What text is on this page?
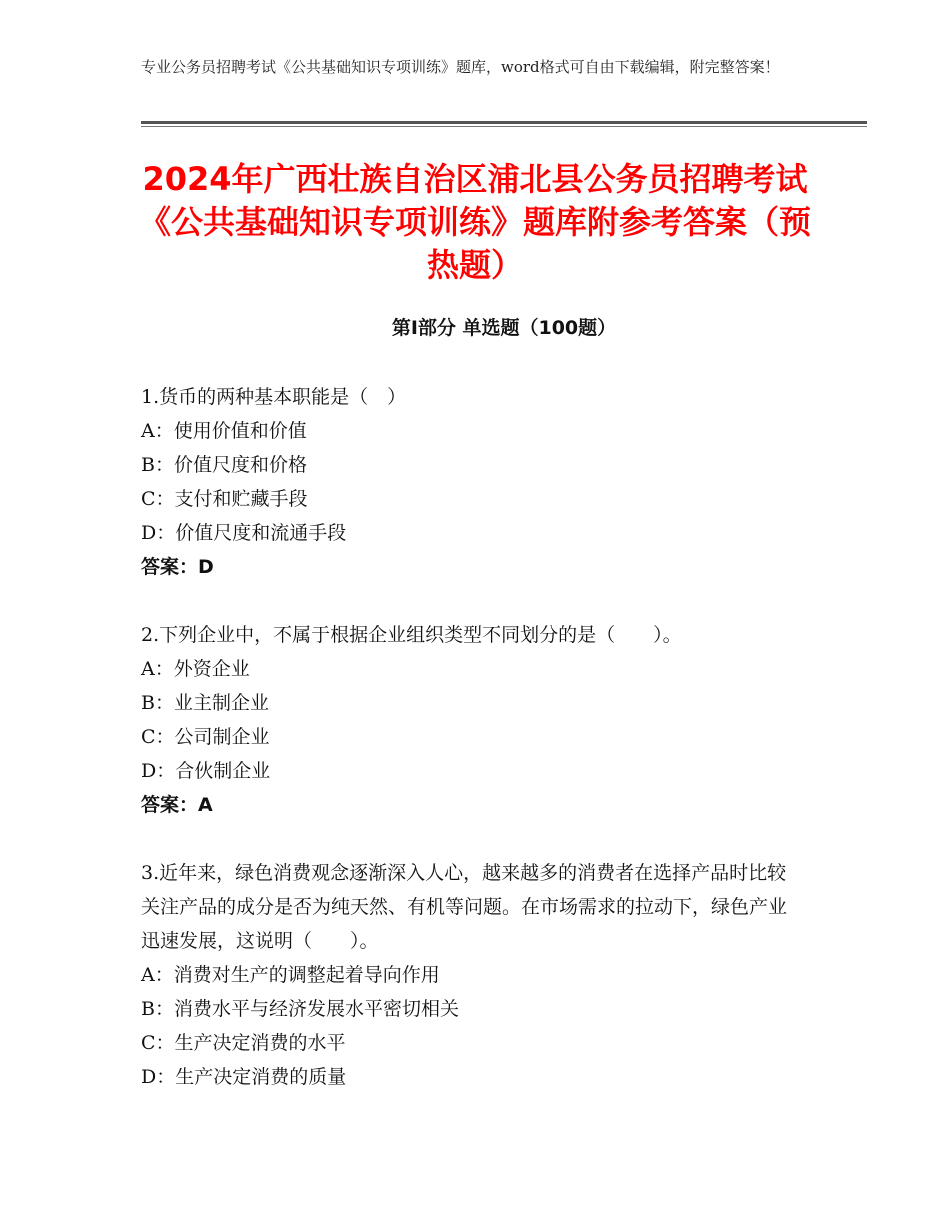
专业公务员招聘考试《公共基础知识专项训练》题库，word格式可自由下载编辑，附完整答案！
2024年广西壮族自治区浦北县公务员招聘考试《公共基础知识专项训练》题库附参考答案（预热题）
第Ⅰ部分 单选题（100题）

1.货币的两种基本职能是（　）

A：使用价值和价值

B：价值尺度和价格

C：支付和贮藏手段

D：价值尺度和流通手段

答案：D

2.下列企业中，不属于根据企业组织类型不同划分的是（　　）。

A：外资企业

B：业主制企业

C：公司制企业

D：合伙制企业

答案：A

3.近年来，绿色消费观念逐渐深入人心，越来越多的消费者在选择产品时比较关注产品的成分是否为纯天然、有机等问题。在市场需求的拉动下，绿色产业迅速发展，这说明（　　）。

A：消费对生产的调整起着导向作用

B：消费水平与经济发展水平密切相关

C：生产决定消费的水平

D：生产决定消费的质量
